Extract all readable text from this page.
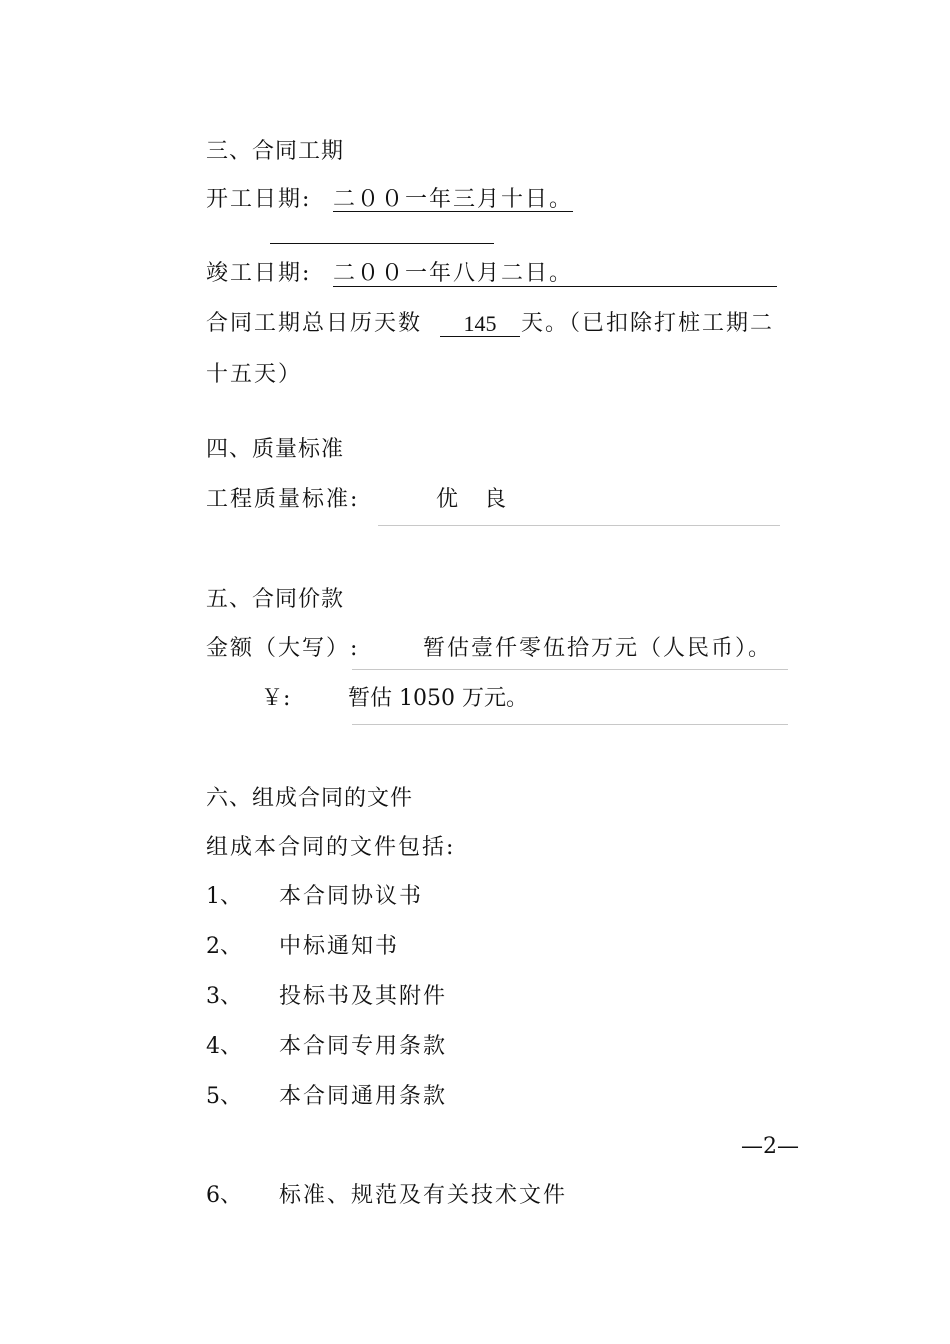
三、合同工期
开工日期: 二００一年三月十日。
竣工日期: 二００一年八月二日。
合同工期总日历天数	145	天。（已扣除打桩工期二
十五天）
四、质量标准
工程质量标准:	优　良
五、合同价款
金额（大写）:	暂估壹仟零伍拾万元（人民币）。
￥:	暂估 1050 万元。
六、组成合同的文件
组成本合同的文件包括:
1、 本合同协议书
2、 中标通知书
3、 投标书及其附件
4、 本合同专用条款
5、 本合同通用条款
—2—
6、 标准、规范及有关技术文件
